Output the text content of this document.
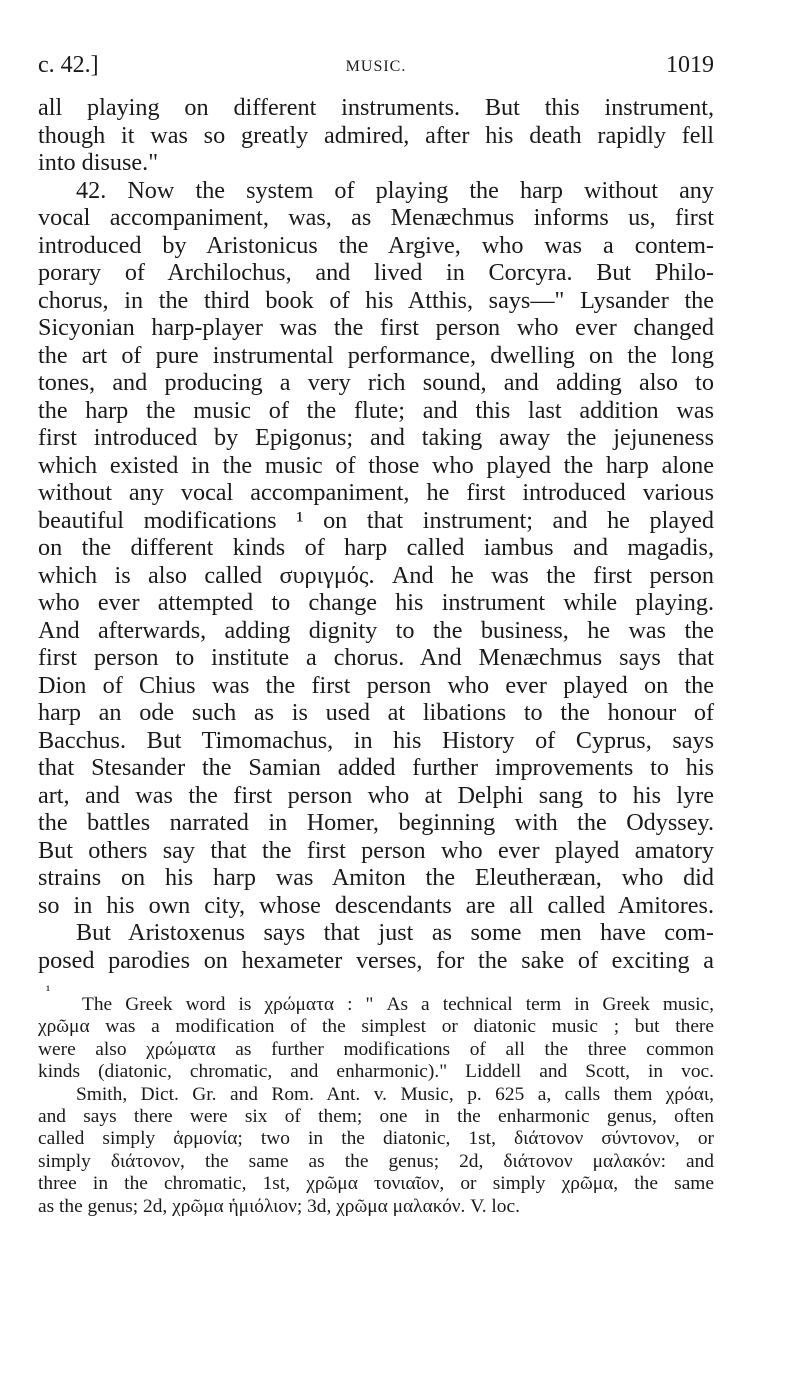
c. 42.]	MUSIC.	1019
all playing on different instruments. But this instrument,
though it was so greatly admired, after his death rapidly fell
into disuse."
42. Now the system of playing the harp without any
vocal accompaniment, was, as Menæchmus informs us, first
introduced by Aristonicus the Argive, who was a contem-
porary of Archilochus, and lived in Corcyra. But Philo-
chorus, in the third book of his Atthis, says—" Lysander the
Sicyonian harp-player was the first person who ever changed
the art of pure instrumental performance, dwelling on the long
tones, and producing a very rich sound, and adding also to
the harp the music of the flute; and this last addition was
first introduced by Epigonus; and taking away the jejuneness
which existed in the music of those who played the harp alone
without any vocal accompaniment, he first introduced various
beautiful modifications ¹ on that instrument; and he played
on the different kinds of harp called iambus and magadis,
which is also called συριγμός. And he was the first person
who ever attempted to change his instrument while playing.
And afterwards, adding dignity to the business, he was the
first person to institute a chorus. And Menæchmus says that
Dion of Chius was the first person who ever played on the
harp an ode such as is used at libations to the honour of
Bacchus. But Timomachus, in his History of Cyprus, says
that Stesander the Samian added further improvements to his
art, and was the first person who at Delphi sang to his lyre
the battles narrated in Homer, beginning with the Odyssey.
But others say that the first person who ever played amatory
strains on his harp was Amiton the Eleutheræan, who did
so in his own city, whose descendants are all called Amitores.
But Aristoxenus says that just as some men have com-
posed parodies on hexameter verses, for the sake of exciting a
¹
The Greek word is χρώματα : " As a technical term in Greek music,
χρῶμα was a modification of the simplest or diatonic music ; but there
were also χρώματα as further modifications of all the three common
kinds (diatonic, chromatic, and enharmonic)." Liddell and Scott, in voc.
Smith, Dict. Gr. and Rom. Ant. v. Music, p. 625 a, calls them χρόαι,
and says there were six of them; one in the enharmonic genus, often
called simply ἁρμονία; two in the diatonic, 1st, διάτονον σύντονον, or
simply διάτονον, the same as the genus; 2d, διάτονον μαλακόν: and
three in the chromatic, 1st, χρῶμα τονιαῖον, or simply χρῶμα, the same
as the genus; 2d, χρῶμα ἡμιόλιον; 3d, χρῶμα μαλακόν. V. loc.
